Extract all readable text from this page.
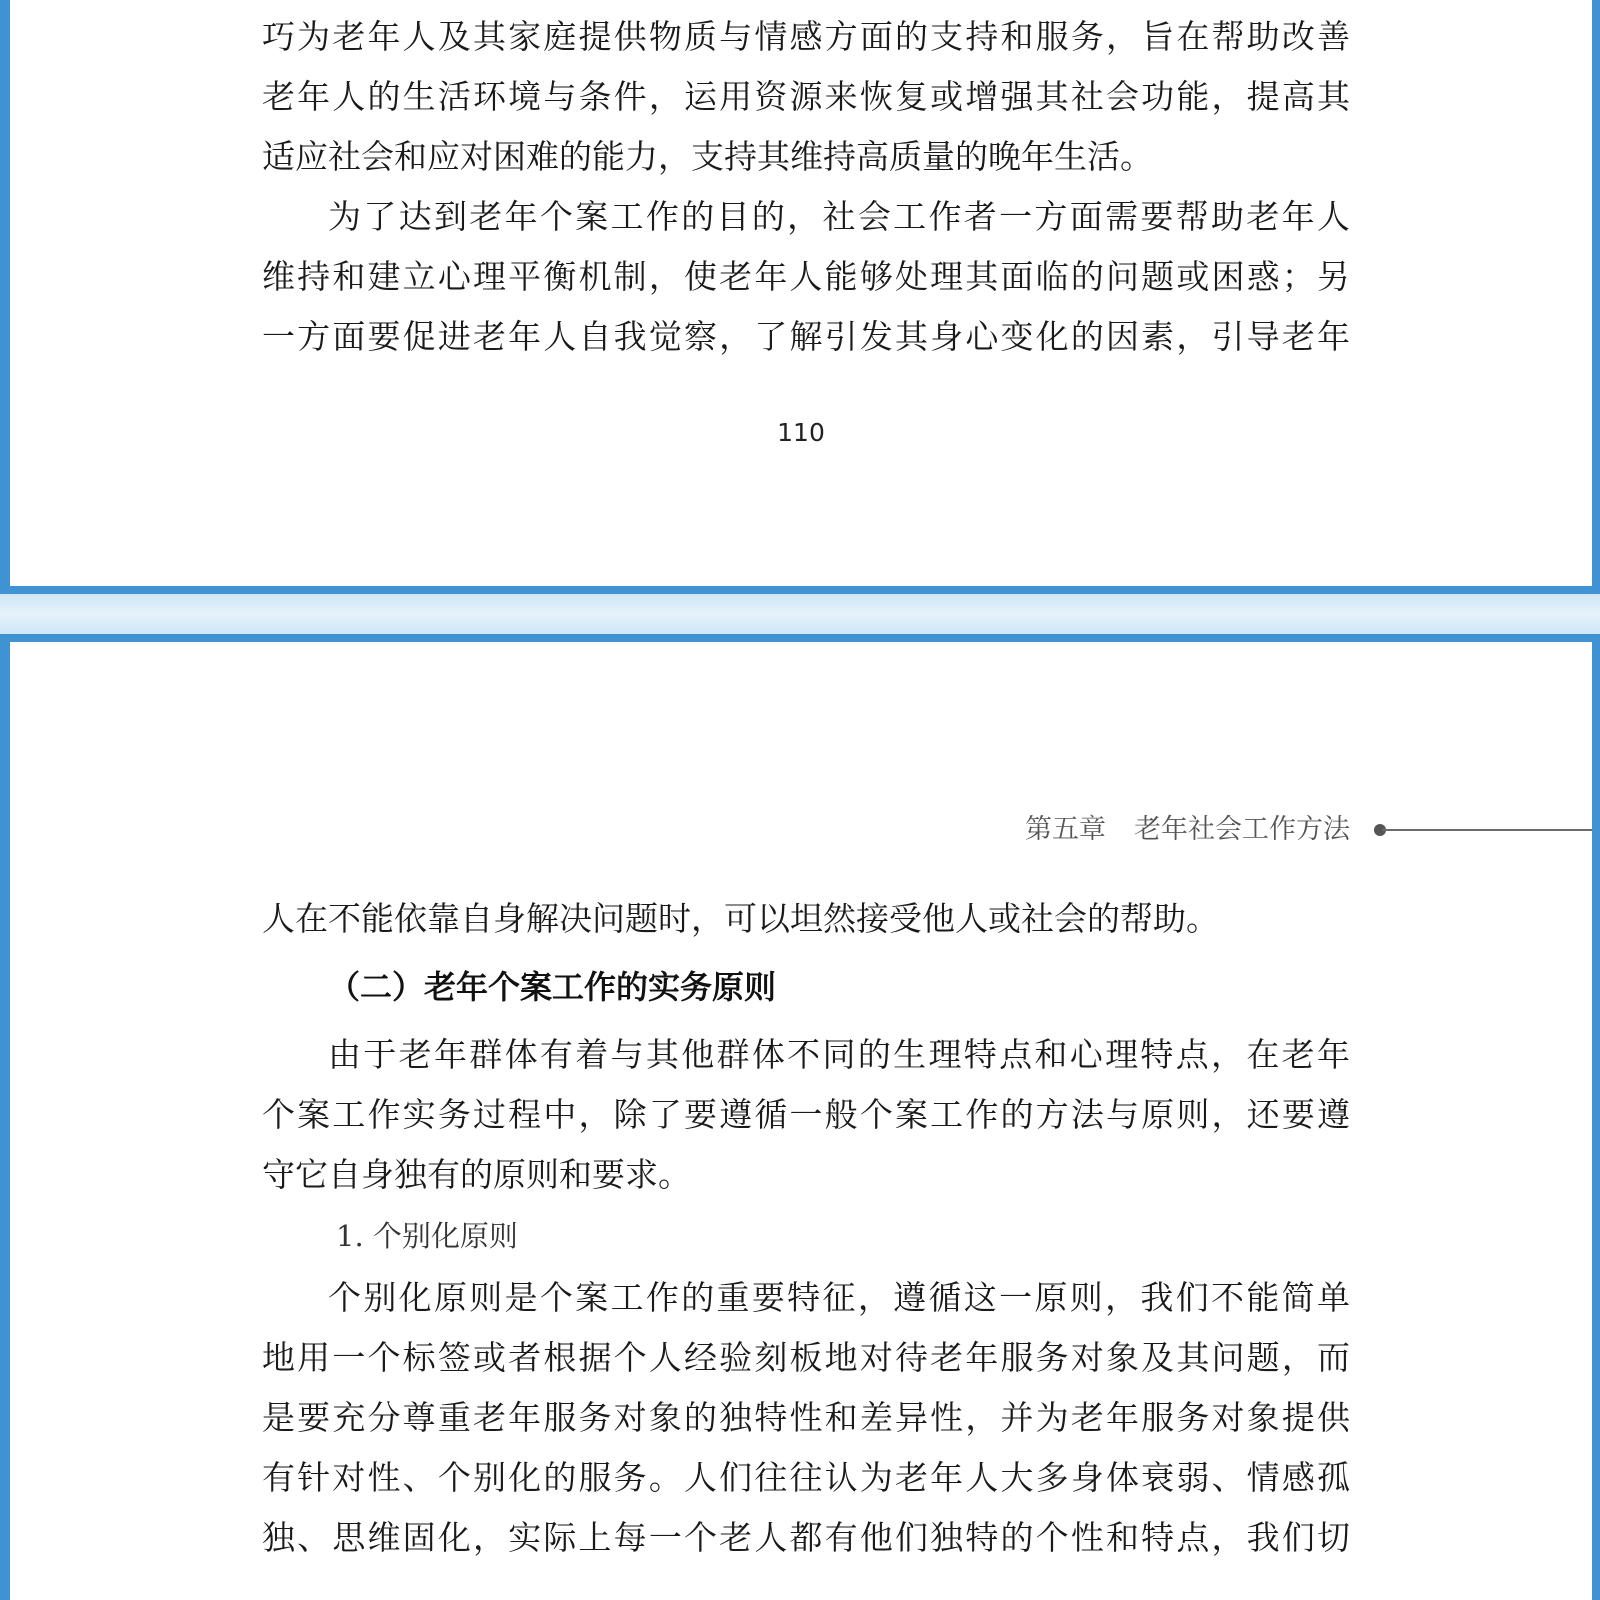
巧为老年人及其家庭提供物质与情感方面的支持和服务，旨在帮助改善
老年人的生活环境与条件，运用资源来恢复或增强其社会功能，提高其
适应社会和应对困难的能力，支持其维持高质量的晚年生活。
为了达到老年个案工作的目的，社会工作者一方面需要帮助老年人
维持和建立心理平衡机制，使老年人能够处理其面临的问题或困惑；另
一方面要促进老年人自我觉察，了解引发其身心变化的因素，引导老年
110
第五章 老年社会工作方法
人在不能依靠自身解决问题时，可以坦然接受他人或社会的帮助。
（二）老年个案工作的实务原则
由于老年群体有着与其他群体不同的生理特点和心理特点，在老年
个案工作实务过程中，除了要遵循一般个案工作的方法与原则，还要遵
守它自身独有的原则和要求。
1. 个别化原则
个别化原则是个案工作的重要特征，遵循这一原则，我们不能简单
地用一个标签或者根据个人经验刻板地对待老年服务对象及其问题，而
是要充分尊重老年服务对象的独特性和差异性，并为老年服务对象提供
有针对性、个别化的服务。人们往往认为老年人大多身体衰弱、情感孤
独、思维固化，实际上每一个老人都有他们独特的个性和特点，我们切
